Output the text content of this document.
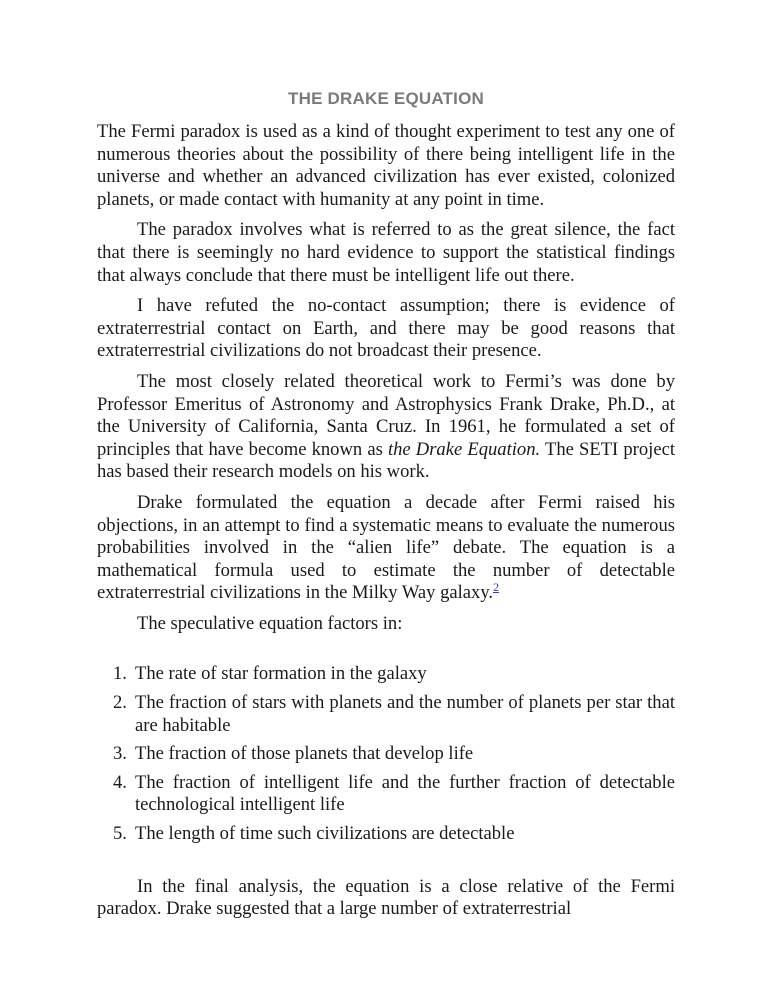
THE DRAKE EQUATION

The Fermi paradox is used as a kind of thought experiment to test any one of numerous theories about the possibility of there being intelligent life in the universe and whether an advanced civilization has ever existed, colonized planets, or made contact with humanity at any point in time.

The paradox involves what is referred to as the great silence, the fact that there is seemingly no hard evidence to support the statistical findings that always conclude that there must be intelligent life out there.

I have refuted the no-contact assumption; there is evidence of extraterrestrial contact on Earth, and there may be good reasons that extraterrestrial civilizations do not broadcast their presence.

The most closely related theoretical work to Fermi’s was done by Professor Emeritus of Astronomy and Astrophysics Frank Drake, Ph.D., at the University of California, Santa Cruz. In 1961, he formulated a set of principles that have become known as the Drake Equation. The SETI project has based their research models on his work.

Drake formulated the equation a decade after Fermi raised his objections, in an attempt to find a systematic means to evaluate the numerous probabilities involved in the “alien life” debate. The equation is a mathematical formula used to estimate the number of detectable extraterrestrial civilizations in the Milky Way galaxy.$^2$

The speculative equation factors in:

1. The rate of star formation in the galaxy
2. The fraction of stars with planets and the number of planets per star that are habitable
3. The fraction of those planets that develop life
4. The fraction of intelligent life and the further fraction of detectable technological intelligent life
5. The length of time such civilizations are detectable

In the final analysis, the equation is a close relative of the Fermi paradox. Drake suggested that a large number of extraterrestrial
